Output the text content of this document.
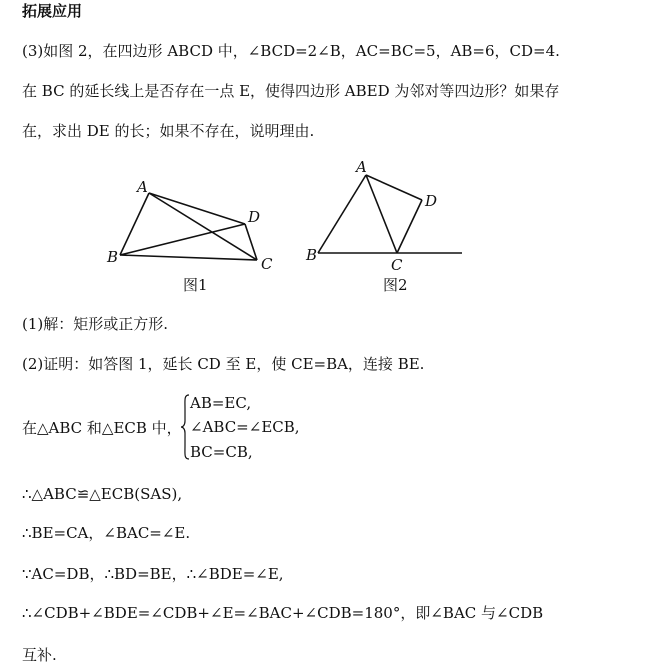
拓展应用
(3)如图 2，在四边形 ABCD 中，∠BCD=2∠B，AC=BC=5，AB=6，CD=4.
在 BC 的延长线上是否存在一点 E，使得四边形 ABED 为邻对等四边形？如果存
在，求出 DE 的长；如果不存在，说明理由.
A
B	C
D
图1
A
B
C
D
图2
(1)解：矩形或正方形.
(2)证明：如答图 1，延长 CD 至 E，使 CE=BA，连接 BE.
在△ABC 和△ECB 中，
AB=EC,
∠ABC=∠ECB,
BC=CB,
∴△ABC≌△ECB(SAS),
∴BE=CA，∠BAC=∠E.
∵AC=DB，∴BD=BE，∴∠BDE=∠E,
∴∠CDB+∠BDE=∠CDB+∠E=∠BAC+∠CDB=180°，即∠BAC 与∠CDB
互补.
